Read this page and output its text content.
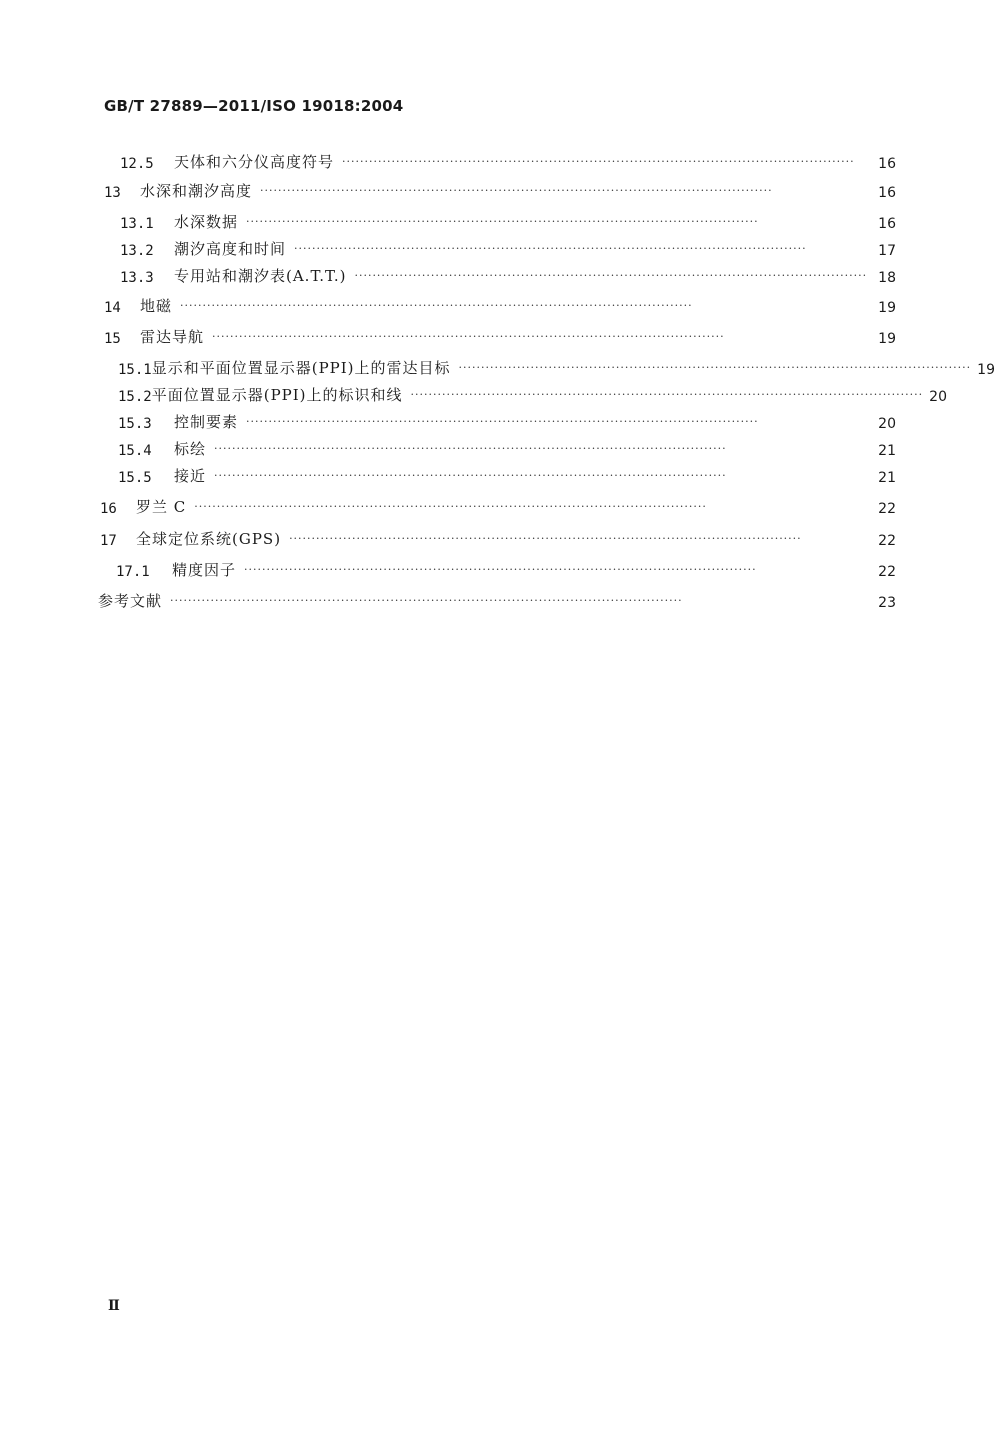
GB/T 27889—2011/ISO 19018:2004
12.5	天体和六分仪高度符号 ··················································································································	16
13	水深和潮汐高度 ··················································································································	16
13.1	水深数据 ··················································································································	16
13.2	潮汐高度和时间 ··················································································································	17
13.3	专用站和潮汐表(A.T.T.) ·················································································································· 18
14	地磁 ··················································································································	19
15	雷达导航 ··················································································································	19
15.1 显示和平面位置显示器(PPI)上的雷达目标 ·················································································································· 19
15.2 平面位置显示器(PPI)上的标识和线 ·················································································································· 20
15.3	控制要素 ··················································································································	20
15.4	标绘 ··················································································································	21
15.5	接近 ··················································································································	21
16	罗兰 C ··················································································································	22
17	全球定位系统(GPS) ··················································································································	22
17.1	精度因子 ··················································································································	22
参考文献 ··················································································································	23
Ⅱ
